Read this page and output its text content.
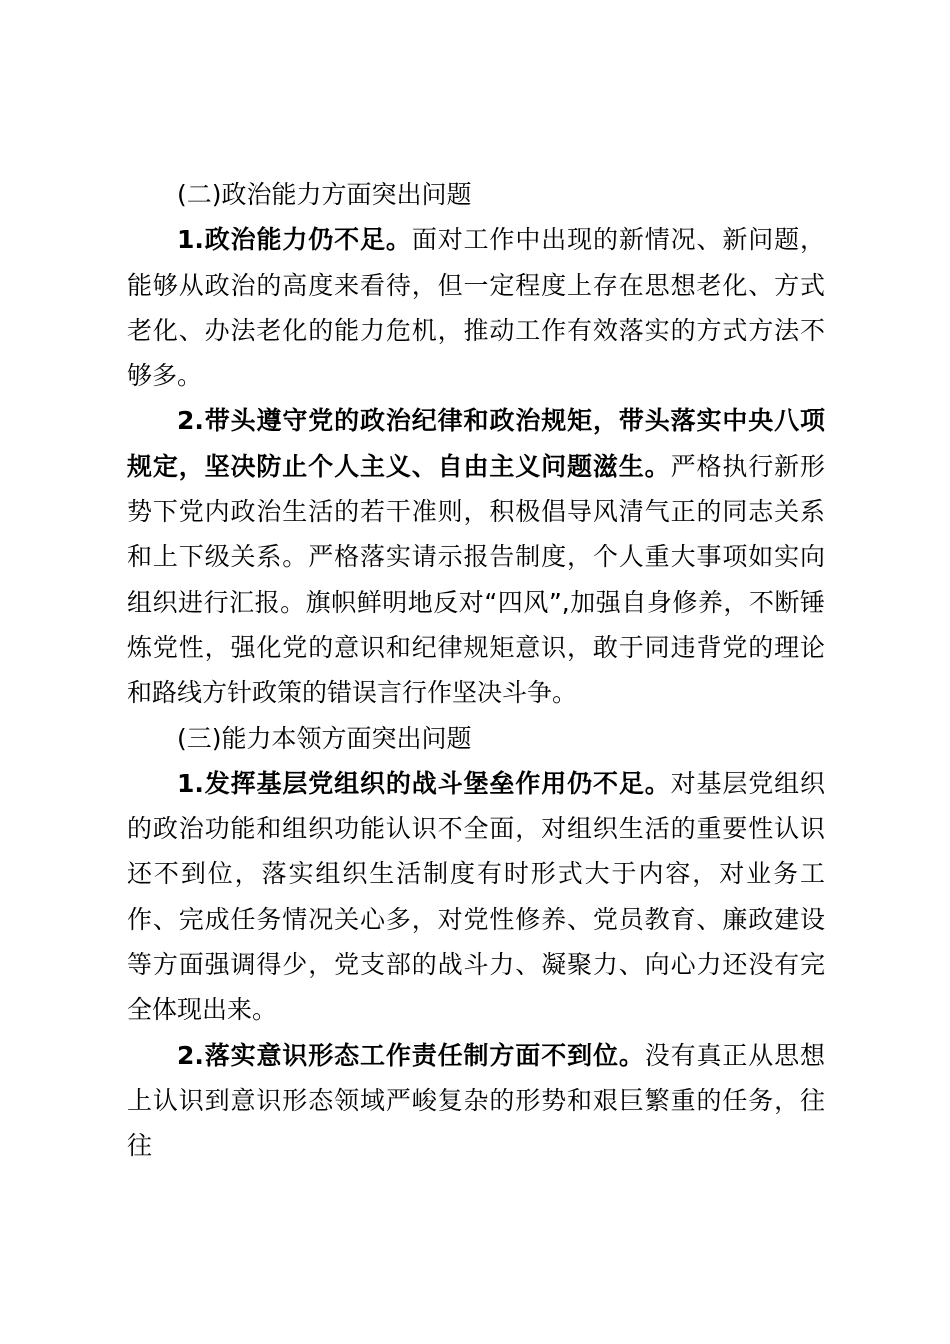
(二)政治能力方面突出问题

1.政治能力仍不足。面对工作中出现的新情况、新问题，能够从政治的高度来看待，但一定程度上存在思想老化、方式老化、办法老化的能力危机，推动工作有效落实的方式方法不够多。

2.带头遵守党的政治纪律和政治规矩，带头落实中央八项规定，坚决防止个人主义、自由主义问题滋生。严格执行新形势下党内政治生活的若干准则，积极倡导风清气正的同志关系和上下级关系。严格落实请示报告制度，个人重大事项如实向组织进行汇报。旗帜鲜明地反对“四风”,加强自身修养，不断锤炼党性，强化党的意识和纪律规矩意识，敢于同违背党的理论和路线方针政策的错误言行作坚决斗争。

(三)能力本领方面突出问题

1.发挥基层党组织的战斗堡垒作用仍不足。对基层党组织的政治功能和组织功能认识不全面，对组织生活的重要性认识还不到位，落实组织生活制度有时形式大于内容，对业务工作、完成任务情况关心多，对党性修养、党员教育、廉政建设等方面强调得少，党支部的战斗力、凝聚力、向心力还没有完全体现出来。

2.落实意识形态工作责任制方面不到位。没有真正从思想上认识到意识形态领域严峻复杂的形势和艰巨繁重的任务，往往
